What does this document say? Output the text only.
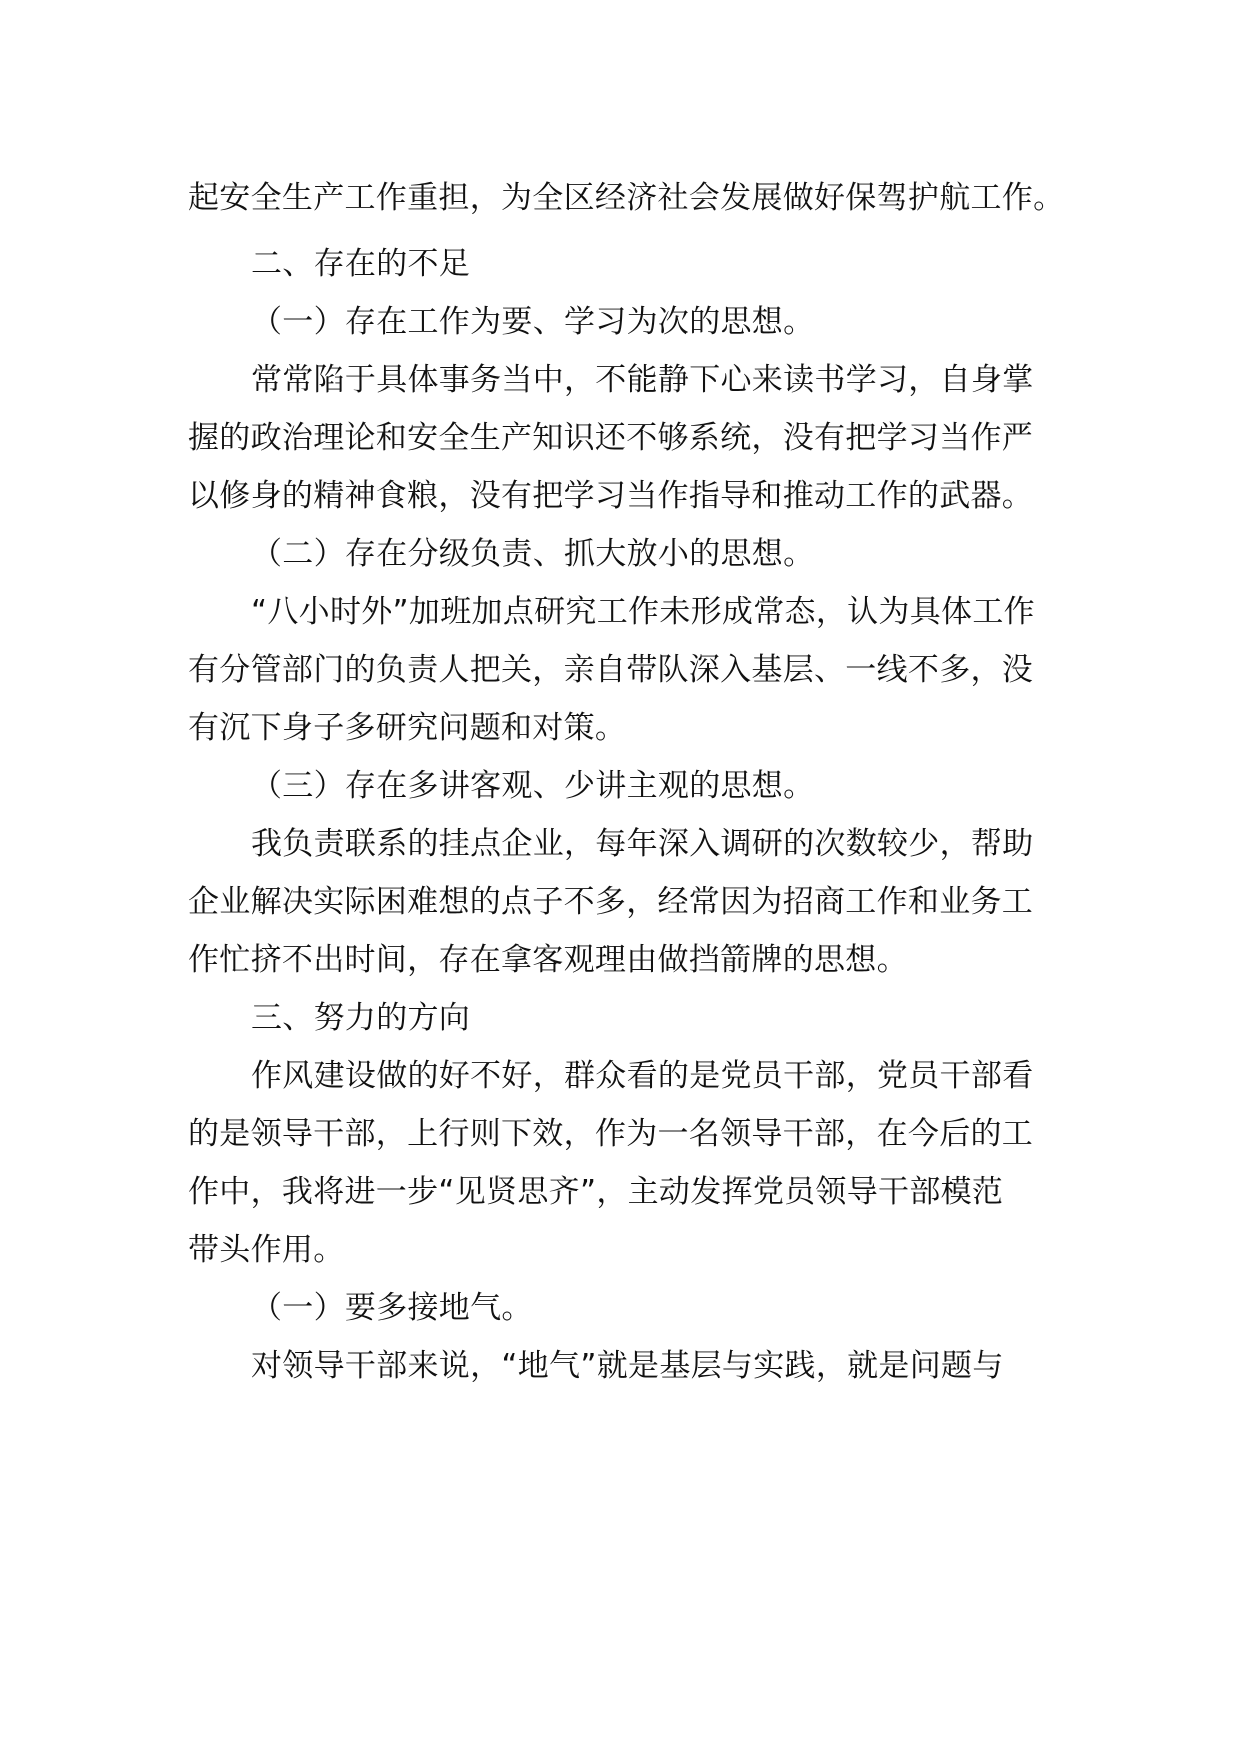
起安全生产工作重担，为全区经济社会发展做好保驾护航工作。
二、存在的不足
（一）存在工作为要、学习为次的思想。
常常陷于具体事务当中，不能静下心来读书学习，自身掌
握的政治理论和安全生产知识还不够系统，没有把学习当作严
以修身的精神食粮，没有把学习当作指导和推动工作的武器。
（二）存在分级负责、抓大放小的思想。
“八小时外”加班加点研究工作未形成常态，认为具体工作
有分管部门的负责人把关，亲自带队深入基层、一线不多，没
有沉下身子多研究问题和对策。
（三）存在多讲客观、少讲主观的思想。
我负责联系的挂点企业，每年深入调研的次数较少，帮助
企业解决实际困难想的点子不多，经常因为招商工作和业务工
作忙挤不出时间，存在拿客观理由做挡箭牌的思想。
三、努力的方向
作风建设做的好不好，群众看的是党员干部，党员干部看
的是领导干部，上行则下效，作为一名领导干部，在今后的工
作中，我将进一步“见贤思齐”，主动发挥党员领导干部模范
带头作用。
（一）要多接地气。
对领导干部来说，“地气”就是基层与实践，就是问题与
